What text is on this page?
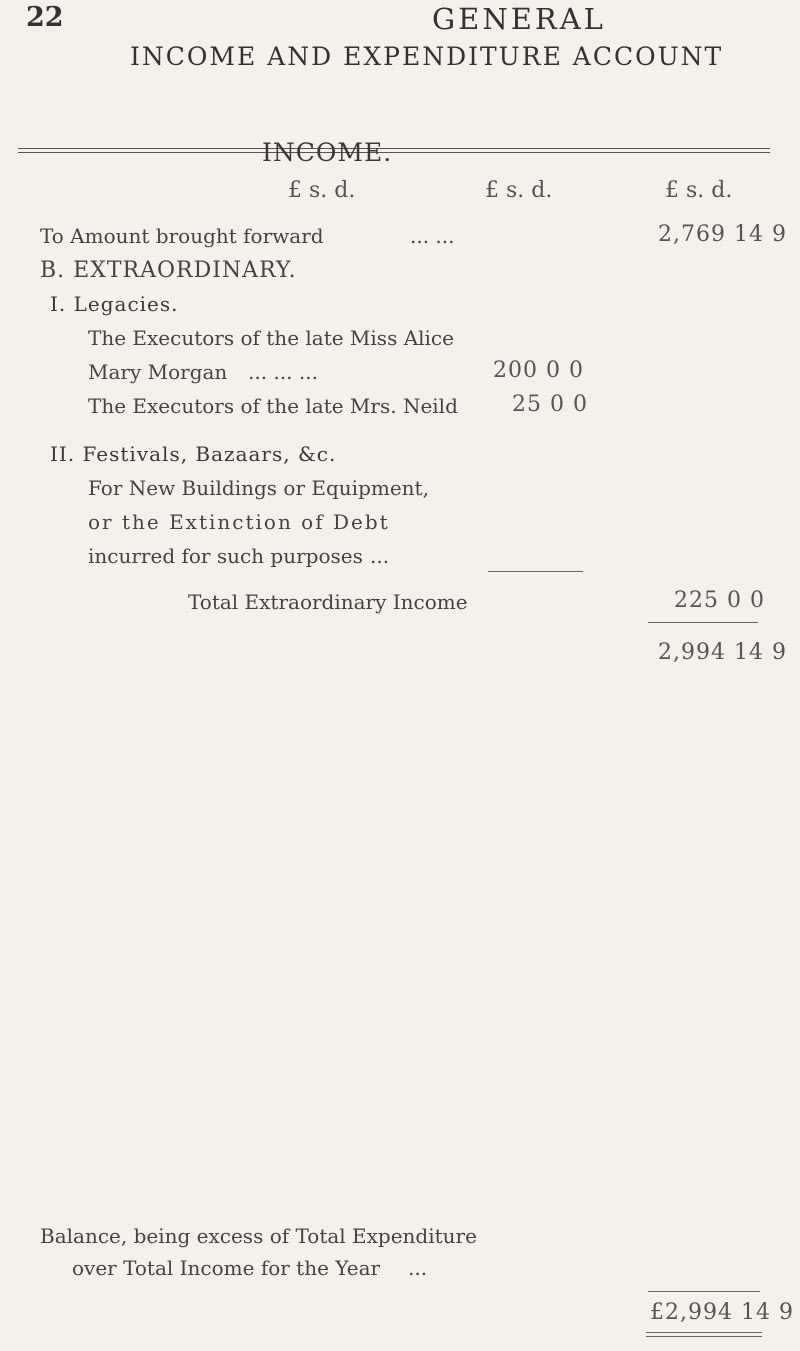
22	GENERAL
INCOME AND EXPENDITURE ACCOUNT
INCOME.
£ s. d.	£ s. d.	£ s. d.
To Amount brought forward	... ...	2,769 14 9
B. EXTRAORDINARY.
I. Legacies.
The Executors of the late Miss Alice
Mary Morgan ... ... ...	200 0 0
The Executors of the late Mrs. Neild 25 0 0
II. Festivals, Bazaars, &c.
For New Buildings or Equipment,
or the Extinction of Debt
incurred for such purposes ...
Total Extraordinary Income	225 0 0
2,994 14 9
Balance, being excess of Total Expenditure
over Total Income for the Year ...
£2,994 14 9
